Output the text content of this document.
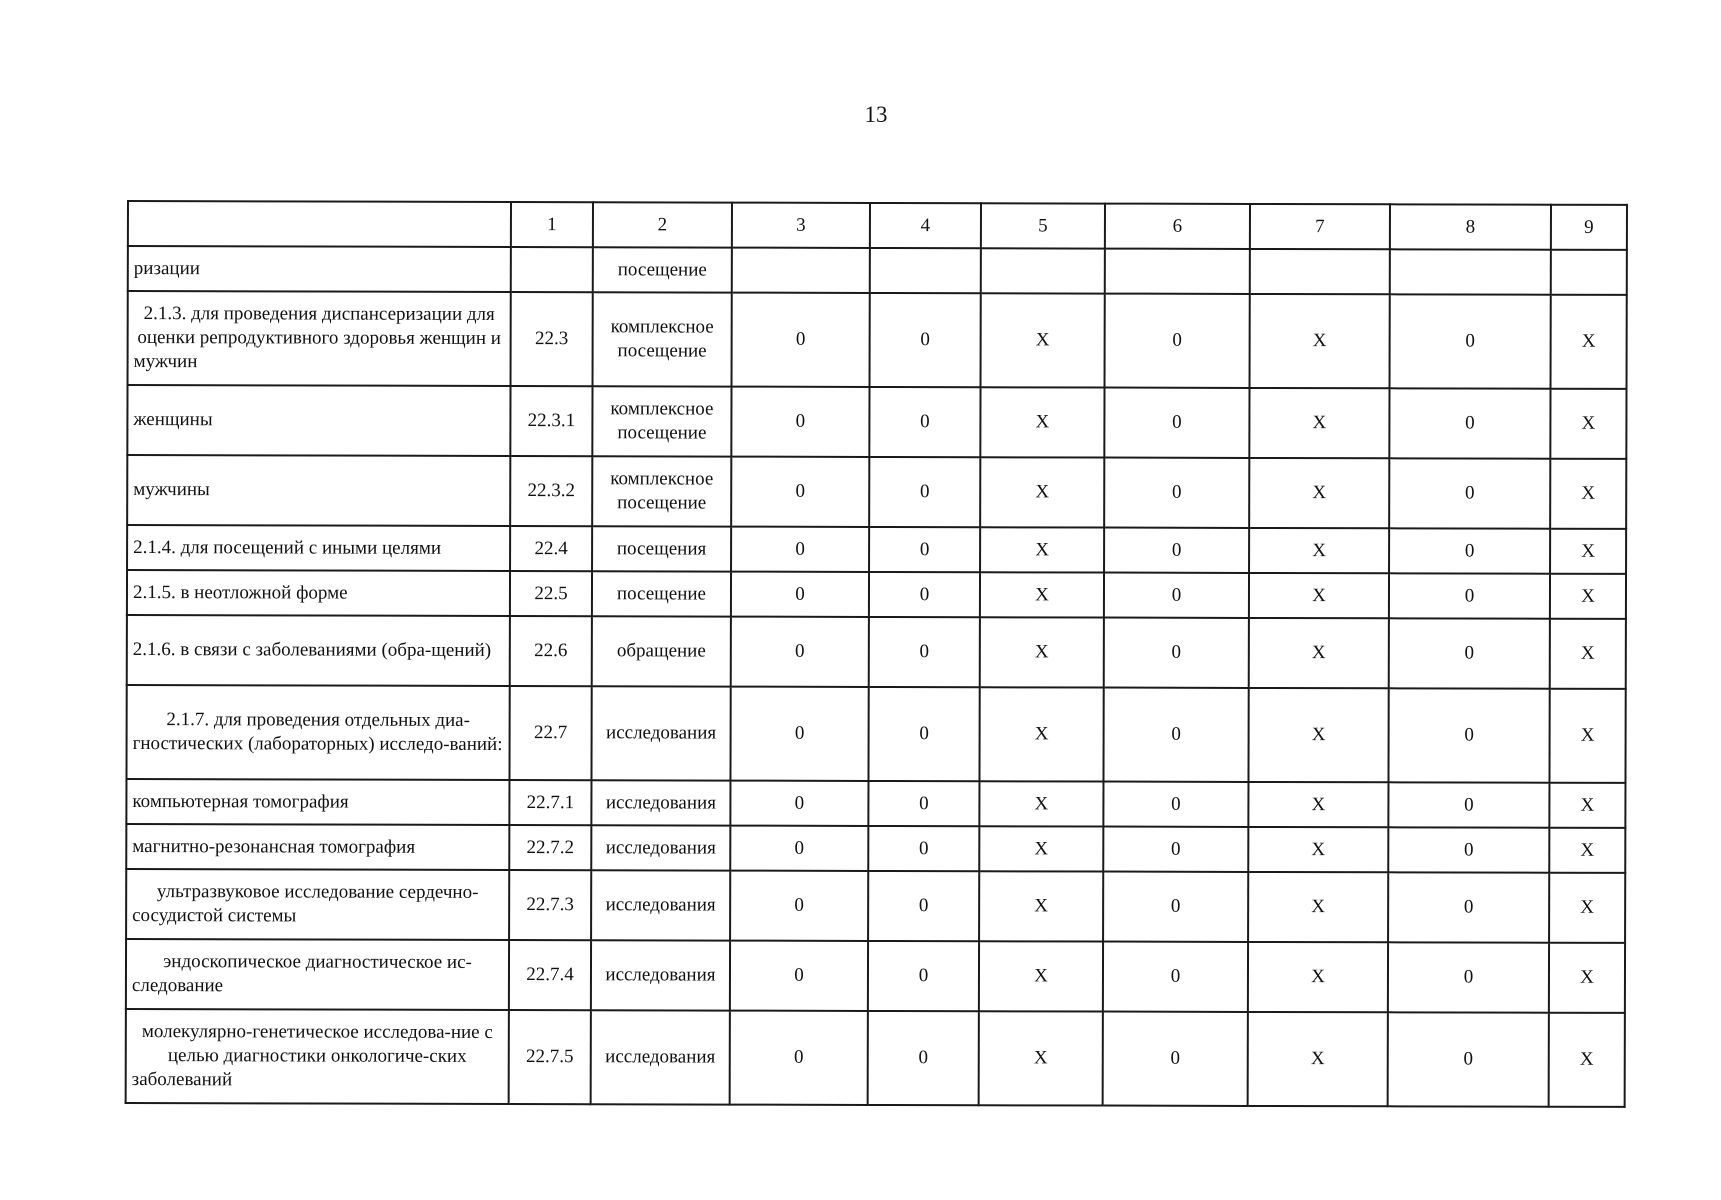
13
	1	2	3	4	5	6	7	8	9
ризации		посещение							
2.1.3. для проведения диспансеризации для оценки репродуктивного здоровья женщин и мужчин	22.3	комплексное посещение	0	0	X	0	X	0	X
женщины	22.3.1	комплексное посещение	0	0	X	0	X	0	X
мужчины	22.3.2	комплексное посещение	0	0	X	0	X	0	X
2.1.4. для посещений с иными целями	22.4	посещения	0	0	X	0	X	0	X
2.1.5. в неотложной форме	22.5	посещение	0	0	X	0	X	0	X
2.1.6. в связи с заболеваниями (обра-щений)	22.6	обращение	0	0	X	0	X	0	X
2.1.7. для проведения отдельных диа-гностических (лабораторных) исследо-ваний:	22.7	исследования	0	0	X	0	X	0	X
компьютерная томография	22.7.1	исследования	0	0	X	0	X	0	X
магнитно-резонансная томография	22.7.2	исследования	0	0	X	0	X	0	X
ультразвуковое исследование сердечно-сосудистой системы	22.7.3	исследования	0	0	X	0	X	0	X
эндоскопическое диагностическое ис-следование	22.7.4	исследования	0	0	X	0	X	0	X
молекулярно-генетическое исследова-ние с целью диагностики онкологиче-ских заболеваний	22.7.5	исследования	0	0	X	0	X	0	X
